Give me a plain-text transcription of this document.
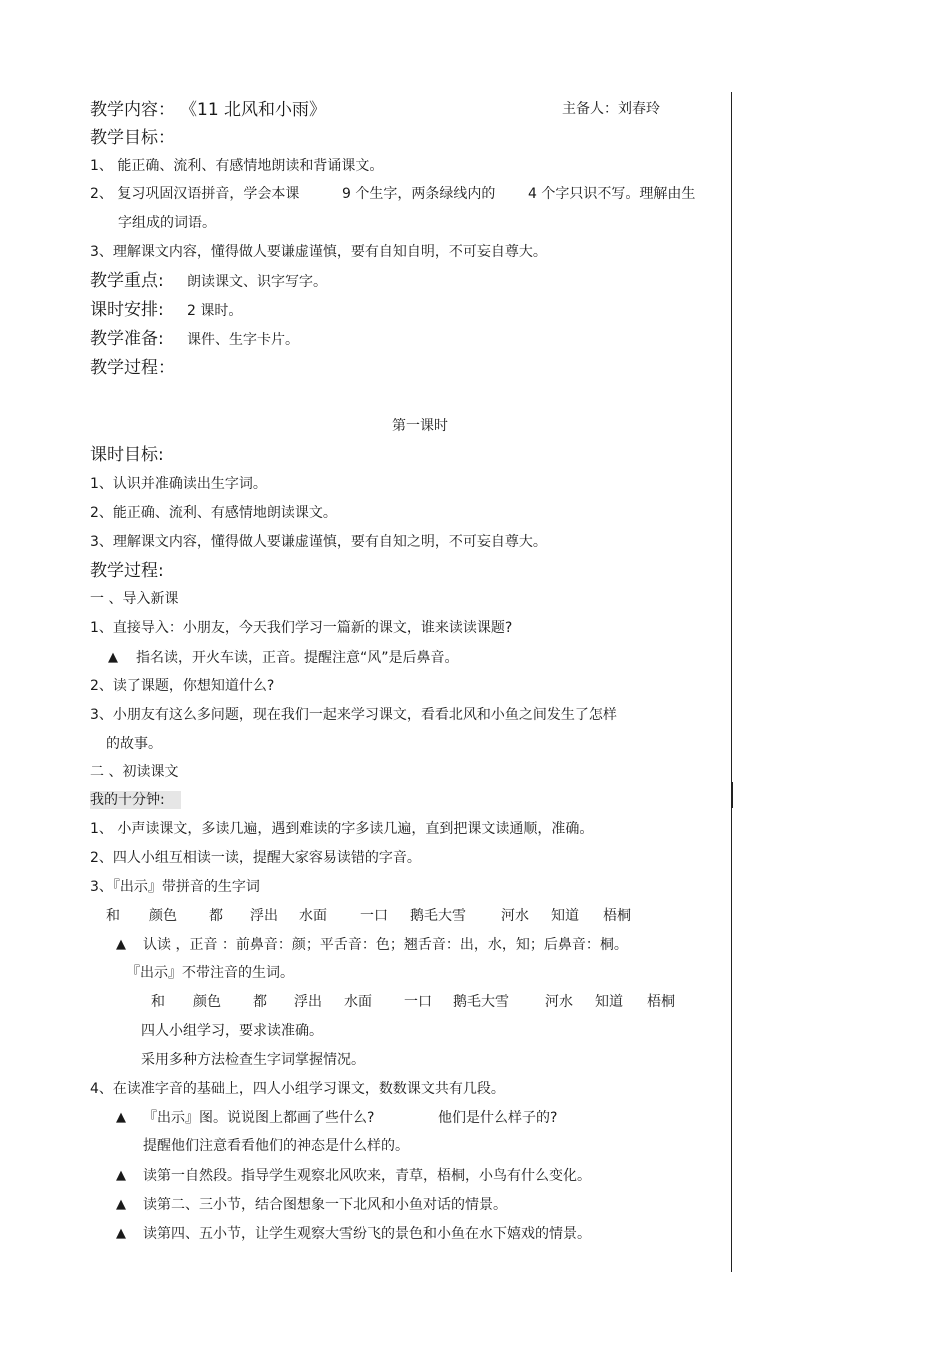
教学内容： 《11 北风和小雨》	主备人：刘春玲
教学目标：
1、 能正确、流利、有感情地朗读和背诵课文。
2、 复习巩固汉语拼音，学会本课	9 个生字，两条绿线内的 4 个字只识不写。理解由生
字组成的词语。
3、理解课文内容，懂得做人要谦虚谨慎，要有自知自明，不可妄自尊大。
教学重点: 朗读课文、识字写字。
课时安排: 2 课时。
教学准备: 课件、生字卡片。
教学过程：
第一课时
课时目标:
1、认识并准确读出生字词。
2、能正确、流利、有感情地朗读课文。
3、理解课文内容，懂得做人要谦虚谨慎，要有自知之明，不可妄自尊大。
教学过程:
一 、导入新课
1、直接导入：小朋友，今天我们学习一篇新的课文，谁来读读课题?
▲ 指名读，开火车读，正音。提醒注意“风”是后鼻音。
2、读了课题，你想知道什么?
3、小朋友有这么多问题，现在我们一起来学习课文，看看北风和小鱼之间发生了怎样
的故事。
二 、初读课文
我的十分钟:
1、 小声读课文，多读几遍，遇到难读的字多读几遍，直到把课文读通顺，准确。
2、四人小组互相读一读，提醒大家容易读错的字音。
3、『出示』带拼音的生字词
和 颜色 都 浮出 水面 一口 鹅毛大雪	河水 知道 梧桐
▲ 认读 ，正音 ：前鼻音：颜；平舌音：色；翘舌音：出，水，知；后鼻音：桐。
『出示』不带注音的生词。
和 颜色 都 浮出 水面 一口 鹅毛大雪	河水 知道 梧桐
四人小组学习，要求读准确。
采用多种方法检查生字词掌握情况。
4、在读准字音的基础上，四人小组学习课文，数数课文共有几段。
▲ 『出示』图。说说图上都画了些什么?	他们是什么样子的?
提醒他们注意看看他们的神态是什么样的。
▲ 读第一自然段。指导学生观察北风吹来，青草，梧桐，小鸟有什么变化。
▲ 读第二、三小节，结合图想象一下北风和小鱼对话的情景。
▲ 读第四、五小节，让学生观察大雪纷飞的景色和小鱼在水下嬉戏的情景。
